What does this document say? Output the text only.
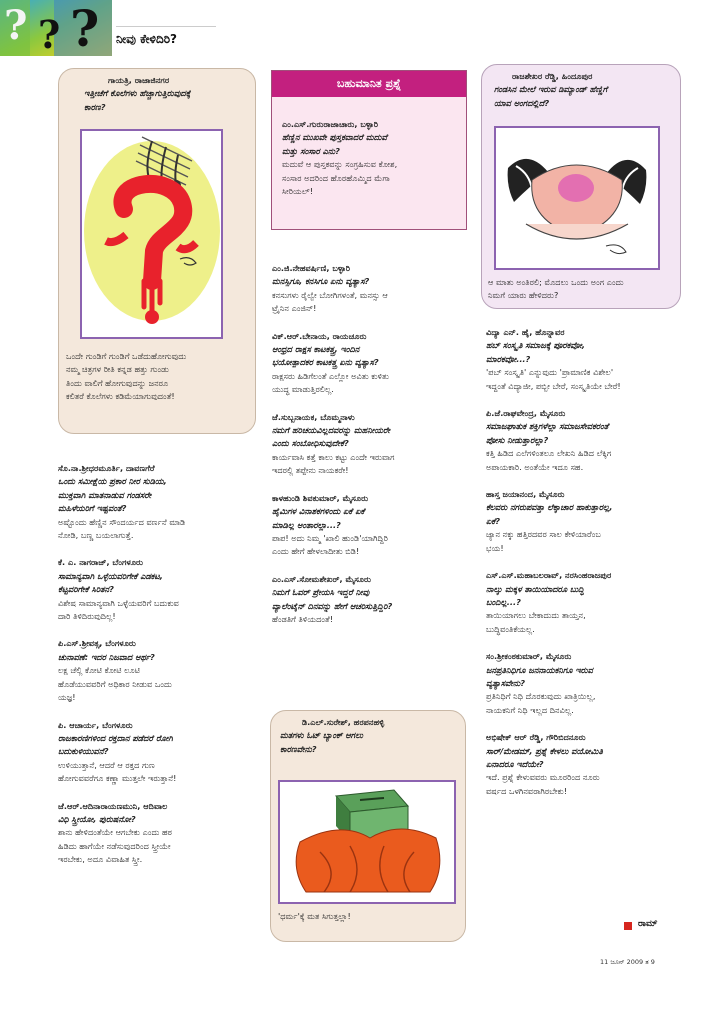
? ? ? ನೀವು ಕೇಳಿದಿರಿ?
ಗಾಯತ್ರಿ, ರಾಜಾಜಿನಗರ
ಇತ್ತೀಚೆಗೆ ಕೊಲೆಗಳು ಹೆಚ್ಚಾಗುತ್ತಿರುವುದಕ್ಕೆ
ಕಾರಣ?
ಒಂದೇ ಗುಂಡಿಗೆ ಗುಂಡಿಗೆ ಒಡೆದುಹೋಗುವುದು
ನಮ್ಮ ಚಿತ್ರಗಳ ರೀತಿ ಕನ್ನಡ ಹತ್ತು ಗುಂಡು
ತಿಂದು ವಾಲಿಗೆ ಹೋಗುವುದನ್ನು ಜನರೂ
ಕಲಿತರೆ ಕೊಲೆಗಳು ಕಡಿಮೆಯಾಗುವುದಂತೆ!
ಬಹುಮಾನಿತ ಪ್ರಶ್ನೆ
ಎಂ.ಎಸ್.ಗುರುರಾಜಾಚಾರು, ಬಳ್ಳಾರಿ
ಹೆಣ್ಣಿನ ಮುಖವೇ ಪುಸ್ತಕವಾದರೆ ಮದುವೆ
ಮತ್ತು ಸಂಸಾರ ಎನು?
ಮದುವೆ ಆ ಪುಸ್ತಕವನ್ನು ಸಂಗ್ರಹಿಸುವ ಕೋಶ,
ಸಂಸಾರ ಅದರಿಂದ ಹೊರಹೊಮ್ಮಿದ ಮೆಗಾ
ಸೀರಿಯಲ್!
ರಾಜಶೇಖರ ರೆಡ್ಡಿ, ಹಿಂದೂಪುರ
ಗಂಡಸಿನ ಮೇಲೆ ಇರುವ ಡಿಮ್ಯಾಂಡ್ ಹೆಣ್ಣಿಗೆ
ಯಾವ ಅಂಗದಲ್ಲಿದೆ?
ಆ ಮಾತು ಅಂತಿರಲಿ; ಮೊದಲು ಒಂದು ಅಂಗ ಎಂದು
ನಿಮಗೆ ಯಾರು ಹೇಳಿದರು?
ಡಿ.ಎಲ್.ಸುರೇಶ್, ಹರಪನಹಳ್ಳಿ
ಮತಗಳು ಓಟ್ ಬ್ಯಾಂಕ್ ಆಗಲು
ಕಾರಣವೇನು?
'ಧರ್ಮ'ಕ್ಕೆ ಮತ ಸಿಗುತ್ತಲ್ಲಾ!
ಸೊ.ನಾ.ಶ್ರೀಧರಮೂರ್ತಿ, ದಾವಣಗೆರೆ
ಒಂದು ಸಮೀಕ್ಷೆಯ ಪ್ರಕಾರ ನೀರ ಸುಡಿಯ,
ಮುಕ್ತವಾಗಿ ಮಾತನಾಡುವ ಗಂಡಸರೇ
ಮಹಿಳೆಯರಿಗೆ ಇಷ್ಟವಂತೆ?
ಅಷ್ಟೊಂದು ಹೆಣ್ಣಿನ ಸೌಂದರ್ಯದ ವರ್ಣನೆ ಮಾಡಿ
ನೋಡಿ, ಬಣ್ಣ ಬಯಲಾಗುತ್ತೆ.
ಕೆ. ಎ. ನಾಗರಾಜ್, ಬೆಂಗಳೂರು
ಸಾಮಾನ್ಯವಾಗಿ ಒಳ್ಳೆಯವರಿಗೇಕೆ ಎಡಕಟ,
ಕೆಟ್ಟವರಿಗೇಕೆ ಸಿರಿತನ?
ವಿಶೇಷ ಸಾಮಾನ್ಯವಾಗಿ ಒಳ್ಳೆಯವರಿಗೆ ಬದುಕುವ
ದಾರಿ ತಿಳಿದಿರುವುದಿಲ್ಲ!
ಪಿ.ಎಸ್.ಶ್ರೀವತ್ಸ, ಬೆಂಗಳೂರು
ಚುನಾವಣೆ: ಇದರ ನಿಜವಾದ ಅರ್ಥ?
ಲಕ್ಷ ಚೆಲ್ಲಿ ಕೋಟಿ ಕೋಟಿ ಲೂಟಿ
ಹೊಡೆಯುವವರಿಗೆ ಅಧಿಕಾರ ನೀಡುವ ಒಂದು
ಯಜ್ಞ!
ಪಿ. ಆಚಾರ್ಯ, ಬೆಂಗಳೂರು
ರಾಜಕಾರಣಿಗಳಿಂದ ರಕ್ತದಾನ ಪಡೆದರೆ ರೋಗಿ
ಬದುಕುಳಿಯುವನೆ?
ಉಳಿಯುತ್ತಾನೆ, ಆದರೆ ಆ ರಕ್ತದ ಗುಣ
ಹೋಗುವವರೆಗೂ ಕಣ್ಣಾ ಮುತ್ತಲೇ ಇರುತ್ತಾನೆ!
ಜೆ.ಆರ್.ಆದಿನಾರಾಯಣಮುನಿ, ಆದಿವಾಲ
ವಿಧಿ ಸ್ತ್ರೀಯೋ, ಪುರುಷನೋ?
ಶಾನು ಹೇಳಿದಂತೆಯೇ ಆಗಬೇಕು ಎಂದು ಹಠ
ಹಿಡಿದು ಹಾಗೆಯೇ ನಡೆಸುವುದರಿಂದ ಸ್ತ್ರೀಯೇ
ಇರಬೇಕು, ಅದೂ ವಿವಾಹಿತ ಸ್ತ್ರೀ.
ಎಂ.ಜಿ.ನೇಹವರ್ಷಿಣಿ, ಬಳ್ಳಾರಿ
ಮನಸ್ಸಿಗೂ, ಕನಸಿಗೂ ಏನು ವ್ಯತ್ಯಾಸ?
ಕನಸುಗಳು ರೈಲ್ವೇ ಬೋಗಿಗಳಂತೆ, ಮನಸ್ಸು ಆ
ಟ್ರೈನಿನ ಎಂಜಿನ್!
ವಿಕ್.ಆರ್.ಬೇನಾಯ, ರಾಯಚೂರು
ಆಂಧ್ರದ ರಾಕ್ಷಸ ಕಾಟಕತ್ತ್ರ, ಇಂದಿನ
ಭಯೋತ್ಪಾದಕರ ಕಾಟಕತ್ತ್ರ ಏನು ವ್ಯತ್ಯಾಸ?
ರಾಕ್ಷಸರು ಹಿಡಿಗೆಲಂತೆ ಎಲ್ಲೋ ಅವಿತು ಕುಳಿತು
ಯುದ್ಧ ಮಾಡುತ್ತಿರಲಿಲ್ಲ.
ಜೆ.ಸುಬ್ಬನಾಯಕ, ಬೊಮ್ಮನಾಳು
ನಮಗೆ ಹರಿಚಯವಿಲ್ಲದವರನ್ನು ಮಹನೀಯರೇ
ಎಂದು ಸಂಬೋಧಿಸುವುದೇಕೆ?
ಕಾರ್ಯವಾಸಿ ಕತ್ತೆ ಕಾಲು ಕಟ್ಟು ಎಂದೇ ಇರುವಾಗ
ಇದರಲ್ಲಿ ತಪ್ಪೇನು ನಾಯಕರೇ!
ಕಾಳಹುಂಡಿ ಶಿವಕುಮಾರ್, ಮೈಸೂರು
ಹೈಮಿಗಳ ವಿನಾಶಕಗಳಿಂದು ಏಕೆ ಏಕೆ
ಮಾಡಿಲ್ಲ ಅಂತಾರಲ್ಲಾ...?
ಪಾಪ! ಅದು ನಿಮ್ಮ 'ಖಾಲಿ ಹುಂಡಿ'ಯಾಗಿದ್ದಿರಿ
ಎಂದು ಹೇಗೆ ಹೇಳಲಾದೀತು ಬಿಡಿ!
ಎಂ.ಎಸ್.ಸೋಮಶೇಖರ್, ಮೈಸೂರು
ನಿಮಗೆ ಓವರ್ ಪ್ರೇಯಸಿ ಇದ್ದರೆ ನೀವು
ವ್ಯಾಲೆಂಟೈನ್ ದಿನವನ್ನು ಹೇಗೆ ಆಚರಿಸುತ್ತಿದ್ದಿರಿ?
ಹೆಂಡತಿಗೆ ತಿಳಿಯದಂತೆ!
ವಿದ್ಯಾ ಎನ್. ಹೈ, ಹೊನ್ನಾವರ
ಹಬ್ ಸಂಸ್ಕೃತಿ ಸಮಾಜಕ್ಕೆ ಪೂರಕವೋ,
ಮಾರಕವೋ...?
'ಪಬ್ ಸಂಸ್ಕೃತಿ' ಎನ್ನುವುದು 'ಪ್ರಾಮಾಣಿಕ ವಿಶೇಲ'
ಇದ್ದಂತೆ ವಿದ್ಯಾಜೀ, ಪಬ್ಬೀ ಬೇರೆ, ಸಂಸ್ಕೃತಿಯೇ ಬೇರೆ!
ಪಿ.ಜೆ.ರಾಘವೇಂದ್ರ, ಮೈಸೂರು
ಸಮಾಜಘಾತುಕ ಶಕ್ತಿಗಳೆಲ್ಲಾ ಸಮಾಜಸೇವಕರಂತೆ
ಪೋಸು ನೀಡುತ್ತಾರಲ್ಲಾ?
ಕತ್ತಿ ಹಿಡಿದ ಎಲೆಗಳಿಂತಲೂ ಲೇಖನಿ ಹಿಡಿದ ಲೆಕ್ಕಿಗ
ಅಪಾಯಕಾರಿ. ಅಂತೆಯೇ ಇದೂ ಸಹ.
ಹಾಸ್ತ ಜಯಾನಂದ, ಮೈಸೂರು
ಕೆಲವರು ನಗರುಪವತ್ತಾ ಲೆಕ್ಕಾಚಾರ ಹಾಕುತ್ತಾರಲ್ಲ,
ಏಕೆ?
ಜ್ಯಾನ ನಕ್ಕು ಹತ್ತಿರದವರ ಸಾಲ ಕೇಳಿಯಾರೆಂಬ
ಭಯ!
ಎಸ್.ಎಸ್.ಮಹಾಬಲರಾವ್, ನರಸಿಂಹರಾಜಪುರ
ನಾಲ್ಕು ಮಕ್ಕಳ ತಾಯಿಯಾದರೂ ಬುದ್ಧಿ
ಬಂದಿಲ್ಲ...?
ತಾಯಿಯಾಗಲು ಬೇಕಾದುದು ತಾಯ್ತನ,
ಬುದ್ಧಿವಂತಿಕೆಯಲ್ಲ.
ಸಂ.ಶ್ರೀಕಂಠಕುಮಾರ್, ಮೈಸೂರು
ಜನಪ್ರತಿನಿಧಿಗೂ ಜನನಾಯಕನಿಗೂ ಇರುವ
ವ್ಯತ್ಯಾಸವೇನು?
ಪ್ರತಿನಿಧಿಗೆ ನಿಧಿ ದೊರಕುವುದು ಖಾತ್ರಿಯಿಲ್ಲ,
ನಾಯಕನಿಗೆ ನಿಧಿ ಇಲ್ಲದ ದಿನವಿಲ್ಲ.
ಅಭಿಷೇಕ್ ಆರ್ ರೆಡ್ಡಿ, ಗೌರಿಬಿದನೂರು
ಸಾರ್/ಮೇಡಮ್, ಪ್ರಶ್ನೆ ಕೇಳಲು ವಯೋಮಿತಿ
ಏನಾದರೂ ಇದೆಯೇ?
ಇದೆ. ಪ್ರಶ್ನೆ ಕೇಳುವವರು ಮೂರರಿಂದ ನೂರು
ವರ್ಷದ ಒಳಗಿನವರಾಗಿರಬೇಕು!
ರಾಮ್
11 ಜೂನ್ 2009 ತ 9
